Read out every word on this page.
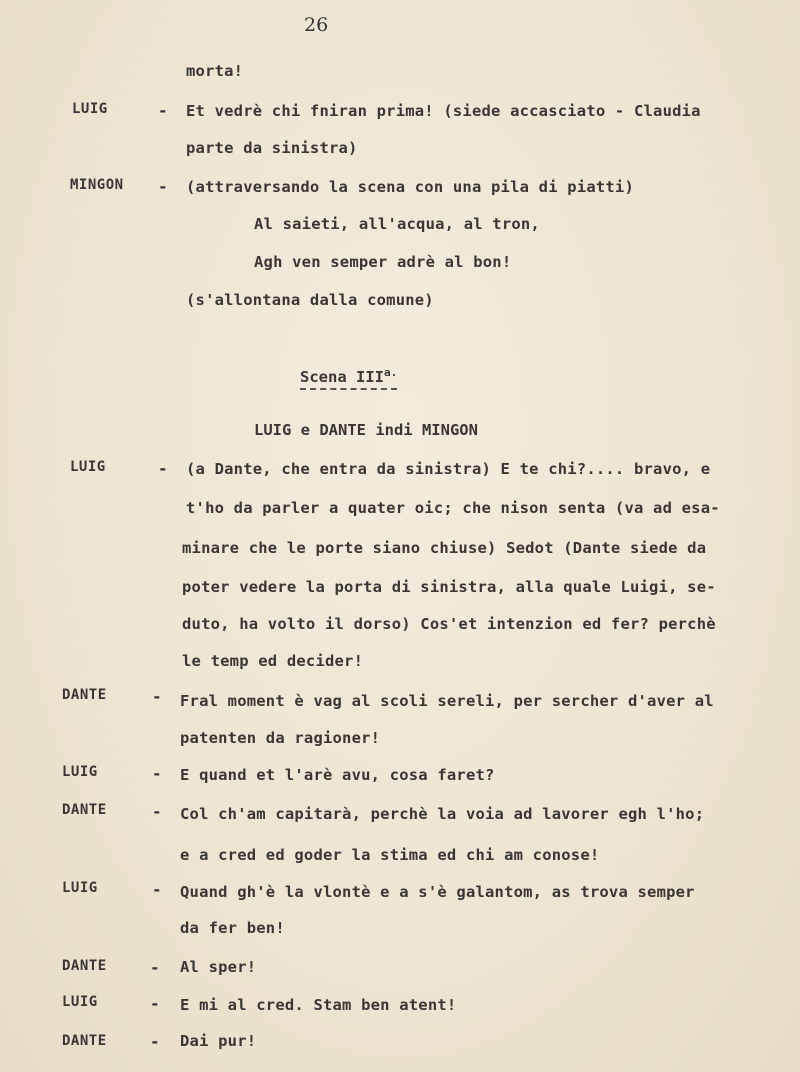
26
morta!
LUIG	- Et vedrè chi fniran prima! (siede accasciato - Claudia
parte da sinistra)
MINGON - (attraversando la scena con una pila di piatti)
Al saieti, all'acqua, al tron,
Agh ven semper adrè al bon!
(s'allontana dalla comune)
Scena $III^{a.}$
LUIG e DANTE indi MINGON
LUIG	- (a Dante, che entra da sinistra) E te chi?.... bravo, e
t'ho da parler a quater oic; che nison senta (va ad esa-
minare che le porte siano chiuse) Sedot (Dante siede da
poter vedere la porta di sinistra, alla quale Luigi, se-
duto, ha volto il dorso) Cos'et intenzion ed fer? perchè
le temp ed decider!
DANTE	- Fral moment è vag al scoli sereli, per sercher d'aver al
patenten da ragioner!
LUIG	- E quand et l'arè avu, cosa faret?
DANTE	- Col ch'am capitarà, perchè la voia ad lavorer egh l'ho;
e a cred ed goder la stima ed chi am conose!
LUIG	- Quand gh'è la vlontè e a s'è galantom, as trova semper
da fer ben!
DANTE	- Al sper!
LUIG	- E mi al cred. Stam ben atent!
DANTE	- Dai pur!
